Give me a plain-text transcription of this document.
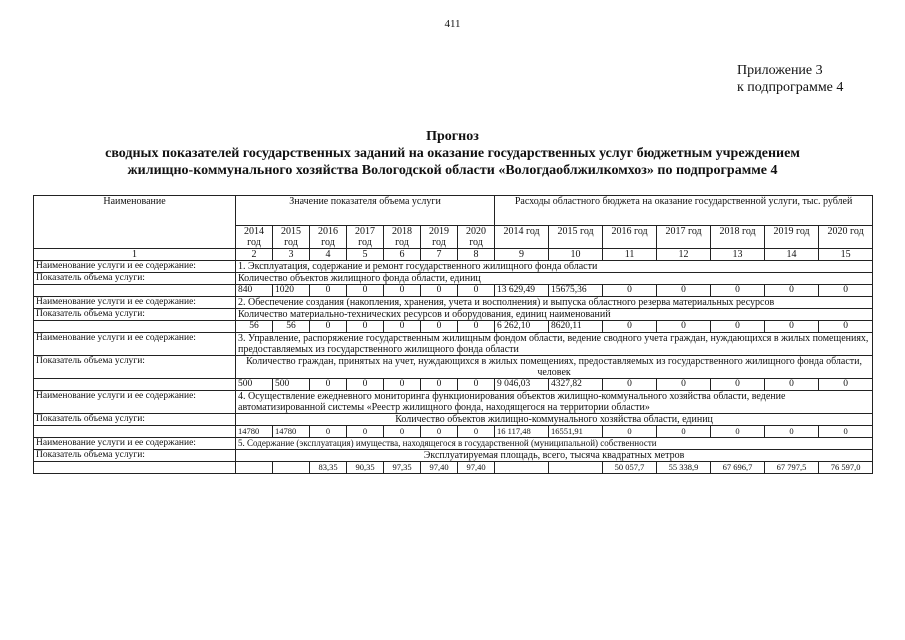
411
Приложение 3
к подпрограмме 4
Прогноз
сводных показателей государственных заданий на оказание государственных услуг бюджетным учреждением
жилищно-коммунального хозяйства Вологодской области «Вологдаоблжилкомхоз» по подпрограмме 4
Наименование	Значение показателя объема услуги							Расходы областного бюджета на оказание государственной услуги, тыс. рублей						
	2014 год	2015 год	2016 год	2017 год	2018 год	2019 год	2020 год	2014 год	2015 год	2016 год	2017 год	2018 год	2019 год	2020 год
1	2	3	4	5	6	7	8	9	10	11	12	13	14	15
Наименование услуги и ее содержание:	1. Эксплуатация, содержание и ремонт государственного жилищного фонда области													
Показатель объема услуги:	Количество объектов жилищного фонда области, единиц													
	840	1020	0	0	0	0	0	13 629,49	15675,36	0	0	0	0	0
Наименование услуги и ее содержание:	2. Обеспечение создания (накопления, хранения, учета и восполнения) и выпуска областного резерва материальных ресурсов													
Показатель объема услуги:	Количество материально-технических ресурсов и оборудования, единиц наименований													
	56	56	0	0	0	0	0	6 262,10	8620,11	0	0	0	0	0
Наименование услуги и ее содержание:	3. Управление, распоряжение государственным жилищным фондом области, ведение сводного учета граждан, нуждающихся в жилых помещениях, предоставляемых из государственного жилищного фонда области													
Показатель объема услуги:	Количество граждан, принятых на учет, нуждающихся в жилых помещениях, предоставляемых из государственного жилищного фонда области, человек													
	500	500	0	0	0	0	0	9 046,03	4327,82	0	0	0	0	0
Наименование услуги и ее содержание:	4. Осуществление ежедневного мониторинга функционирования объектов жилищно-коммунального хозяйства области, ведение автоматизированной системы «Реестр жилищного фонда, находящегося на территории области»													
Показатель объема услуги:	Количество объектов жилищно-коммунального хозяйства области, единиц													
	14780	14780	0	0	0	0	0	16 117,48	16551,91	0	0	0	0	0
Наименование услуги и ее содержание:	5. Содержание (эксплуатация) имущества, находящегося в государственной (муниципальной) собственности													
Показатель объема услуги:	Эксплуатируемая площадь, всего, тысяча квадратных метров													
			83,35	90,35	97,35	97,40	97,40			50 057,7	55 338,9	67 696,7	67 797,5	76 597,0
